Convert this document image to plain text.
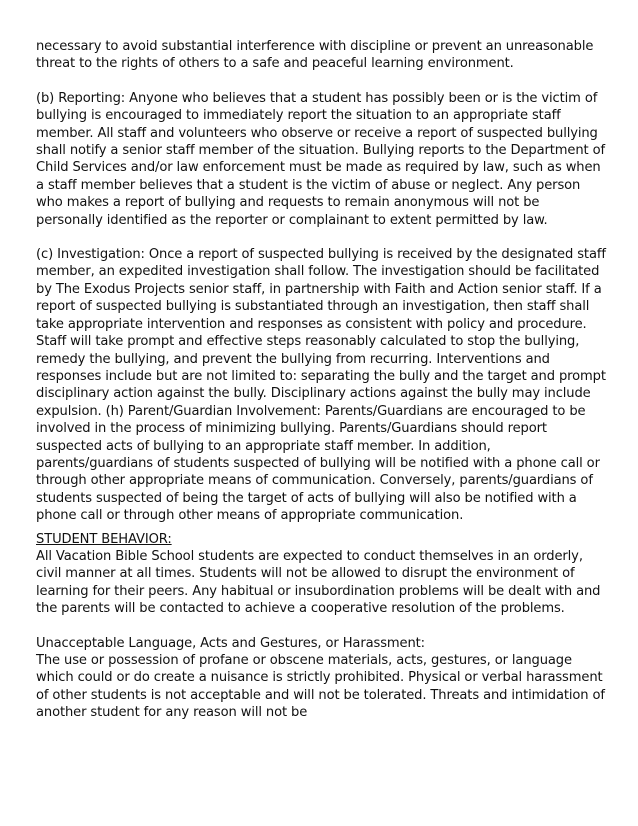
necessary to avoid substantial interference with discipline or prevent an unreasonable threat to the rights of others to a safe and peaceful learning environment.

(b) Reporting: Anyone who believes that a student has possibly been or is the victim of bullying is encouraged to immediately report the situation to an appropriate staff member. All staff and volunteers who observe or receive a report of suspected bullying shall notify a senior staff member of the situation. Bullying reports to the Department of Child Services and/or law enforcement must be made as required by law, such as when a staff member believes that a student is the victim of abuse or neglect. Any person who makes a report of bullying and requests to remain anonymous will not be personally identified as the reporter or complainant to extent permitted by law.

(c) Investigation: Once a report of suspected bullying is received by the designated staff member, an expedited investigation shall follow. The investigation should be facilitated by The Exodus Projects senior staff, in partnership with Faith and Action senior staff. If a report of suspected bullying is substantiated through an investigation, then staff shall take appropriate intervention and responses as consistent with policy and procedure. Staff will take prompt and effective steps reasonably calculated to stop the bullying, remedy the bullying, and prevent the bullying from recurring. Interventions and responses include but are not limited to: separating the bully and the target and prompt disciplinary action against the bully. Disciplinary actions against the bully may include expulsion. (h) Parent/Guardian Involvement: Parents/Guardians are encouraged to be involved in the process of minimizing bullying. Parents/Guardians should report suspected acts of bullying to an appropriate staff member. In addition, parents/guardians of students suspected of bullying will be notified with a phone call or through other appropriate means of communication. Conversely, parents/guardians of students suspected of being the target of acts of bullying will also be notified with a phone call or through other means of appropriate communication.

STUDENT BEHAVIOR:

All Vacation Bible School students are expected to conduct themselves in an orderly, civil manner at all times. Students will not be allowed to disrupt the environment of learning for their peers. Any habitual or insubordination problems will be dealt with and the parents will be contacted to achieve a cooperative resolution of the problems.

Unacceptable Language, Acts and Gestures, or Harassment:

The use or possession of profane or obscene materials, acts, gestures, or language which could or do create a nuisance is strictly prohibited. Physical or verbal harassment of other students is not acceptable and will not be tolerated. Threats and intimidation of another student for any reason will not be
